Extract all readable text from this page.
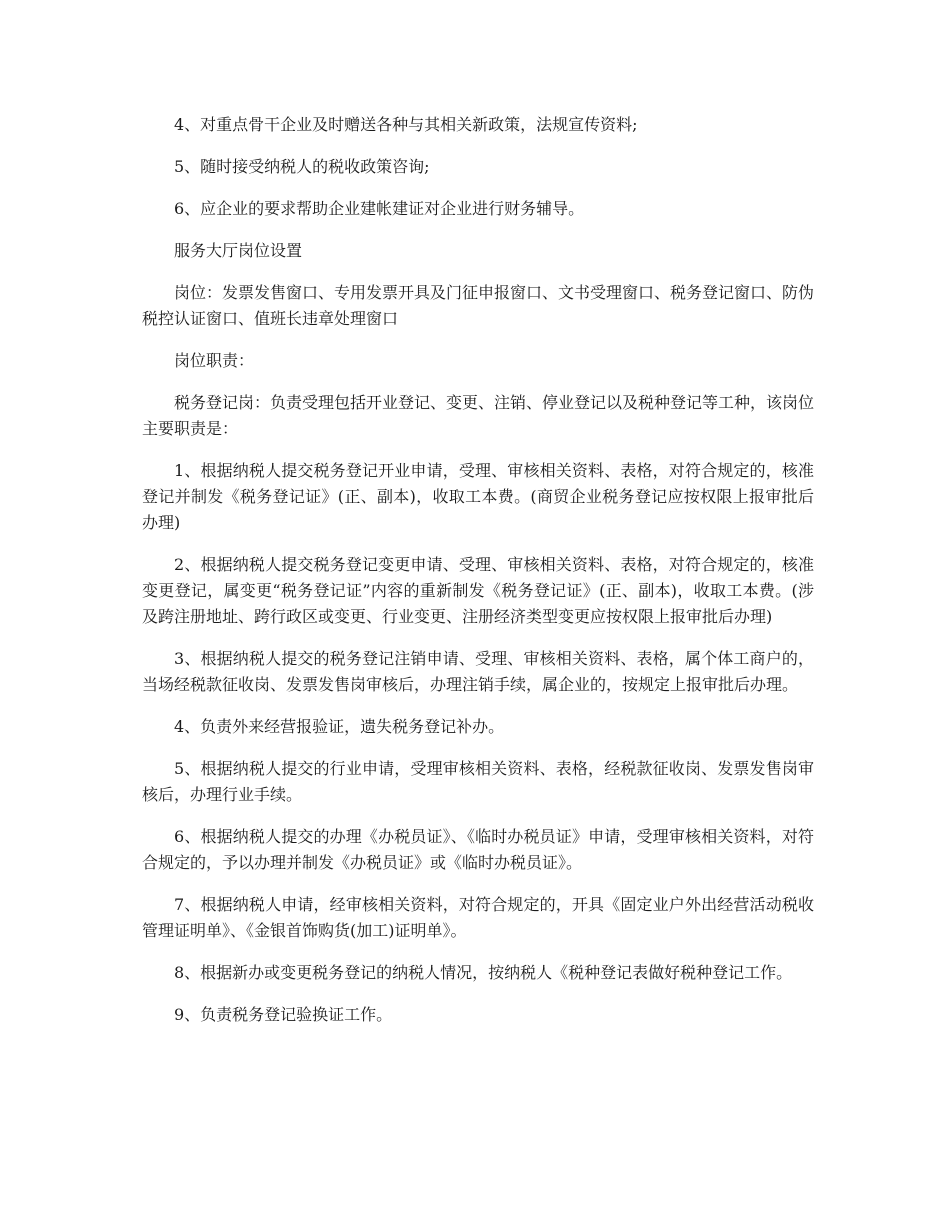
4、对重点骨干企业及时赠送各种与其相关新政策，法规宣传资料;

5、随时接受纳税人的税收政策咨询;

6、应企业的要求帮助企业建帐建证对企业进行财务辅导。

服务大厅岗位设置

岗位：发票发售窗口、专用发票开具及门征申报窗口、文书受理窗口、税务登记窗口、防伪税控认证窗口、值班长违章处理窗口

岗位职责：

税务登记岗：负责受理包括开业登记、变更、注销、停业登记以及税种登记等工种，该岗位主要职责是：

1、根据纳税人提交税务登记开业申请，受理、审核相关资料、表格，对符合规定的，核准登记并制发《税务登记证》(正、副本)，收取工本费。(商贸企业税务登记应按权限上报审批后办理)

2、根据纳税人提交税务登记变更申请、受理、审核相关资料、表格，对符合规定的，核准变更登记，属变更“税务登记证”内容的重新制发《税务登记证》(正、副本)，收取工本费。(涉及跨注册地址、跨行政区或变更、行业变更、注册经济类型变更应按权限上报审批后办理)

3、根据纳税人提交的税务登记注销申请、受理、审核相关资料、表格，属个体工商户的，当场经税款征收岗、发票发售岗审核后，办理注销手续，属企业的，按规定上报审批后办理。

4、负责外来经营报验证，遗失税务登记补办。

5、根据纳税人提交的行业申请，受理审核相关资料、表格，经税款征收岗、发票发售岗审核后，办理行业手续。

6、根据纳税人提交的办理《办税员证》、《临时办税员证》申请，受理审核相关资料，对符合规定的，予以办理并制发《办税员证》或《临时办税员证》。

7、根据纳税人申请，经审核相关资料，对符合规定的，开具《固定业户外出经营活动税收管理证明单》、《金银首饰购货(加工)证明单》。

8、根据新办或变更税务登记的纳税人情况，按纳税人《税种登记表做好税种登记工作。

9、负责税务登记验换证工作。
